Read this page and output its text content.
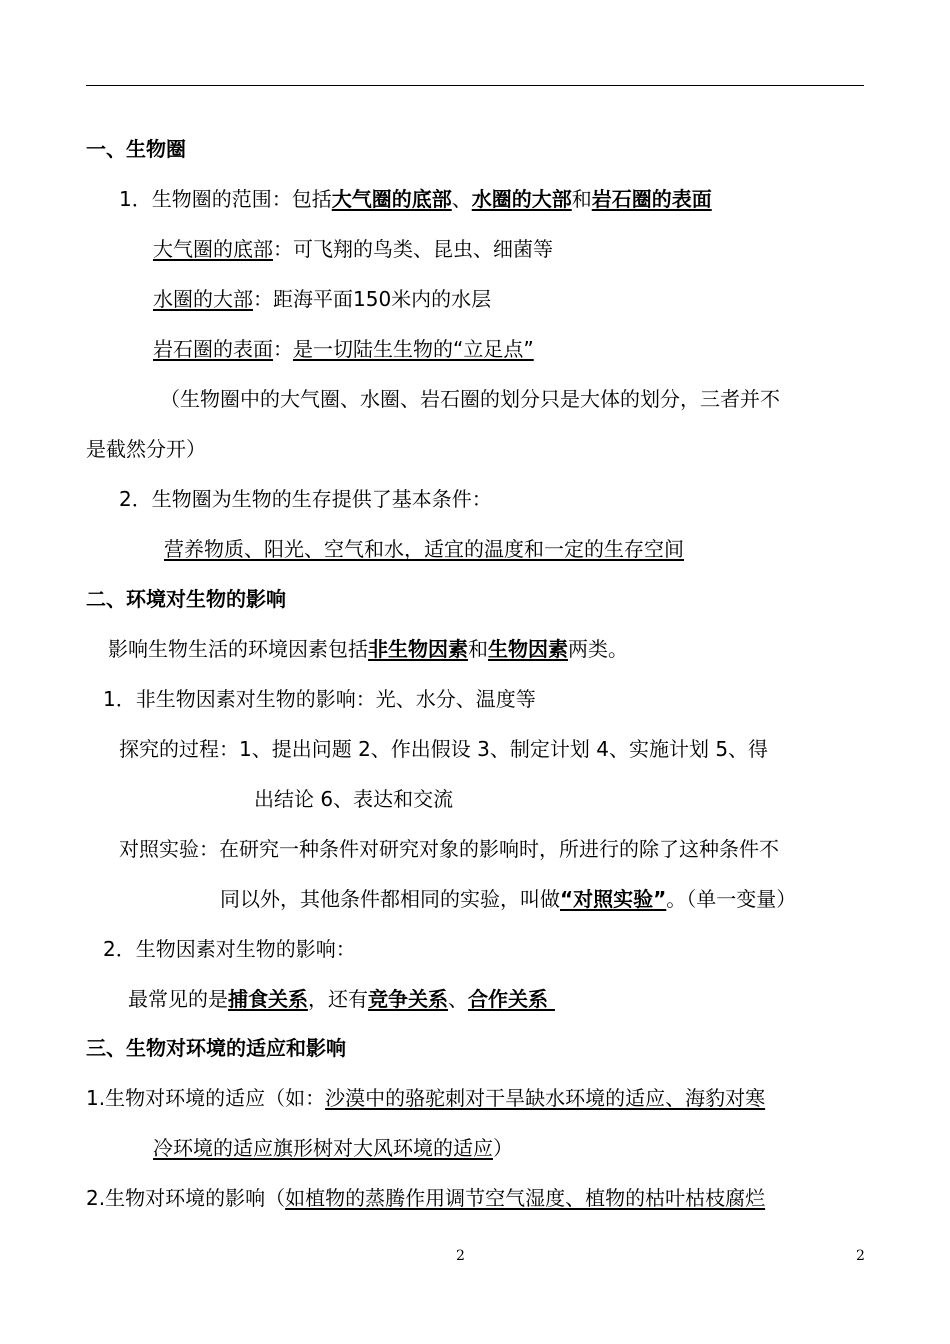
一、生物圈
1．生物圈的范围：包括大气圈的底部、水圈的大部和岩石圈的表面
大气圈的底部：可飞翔的鸟类、昆虫、细菌等
水圈的大部：距海平面150米内的水层
岩石圈的表面：是一切陆生生物的“立足点”
（生物圈中的大气圈、水圈、岩石圈的划分只是大体的划分，三者并不
是截然分开）
2．生物圈为生物的生存提供了基本条件：
营养物质、阳光、空气和水，适宜的温度和一定的生存空间
二、环境对生物的影响
影响生物生活的环境因素包括非生物因素和生物因素两类。
1．非生物因素对生物的影响：光、水分、温度等
探究的过程：1、提出问题 2、作出假设 3、制定计划 4、实施计划 5、得
出结论 6、表达和交流
对照实验：在研究一种条件对研究对象的影响时，所进行的除了这种条件不
同以外，其他条件都相同的实验，叫做“对照实验”。（单一变量）
2．生物因素对生物的影响：
最常见的是捕食关系，还有竞争关系、合作关系
三、生物对环境的适应和影响
1.生物对环境的适应（如：沙漠中的骆驼刺对干旱缺水环境的适应、海豹对寒
冷环境的适应旗形树对大风环境的适应）
2.生物对环境的影响（如植物的蒸腾作用调节空气湿度、植物的枯叶枯枝腐烂
2	2
